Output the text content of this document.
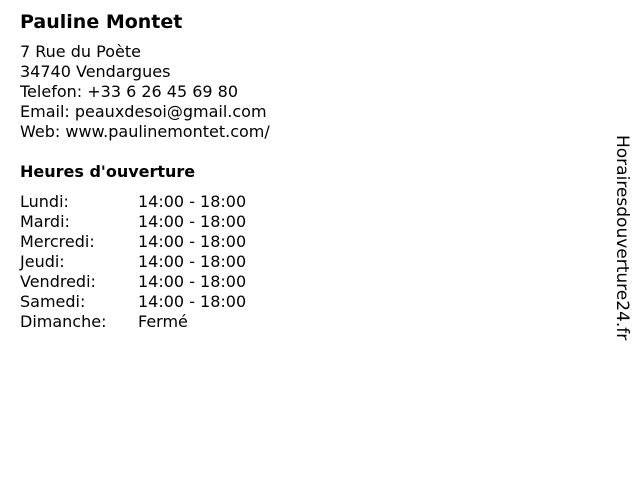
Pauline Montet
7 Rue du Poète
34740 Vendargues
Telefon: +33 6 26 45 69 80
Email: peauxdesoi@gmail.com
Web: www.paulinemontet.com/
Heures d'ouverture
Lundi:	14:00 - 18:00
Mardi:	14:00 - 18:00
Mercredi:	14:00 - 18:00
Jeudi:	14:00 - 18:00
Vendredi:	14:00 - 18:00
Samedi:	14:00 - 18:00
Dimanche:	Fermé	Horairesdouverture24.fr
